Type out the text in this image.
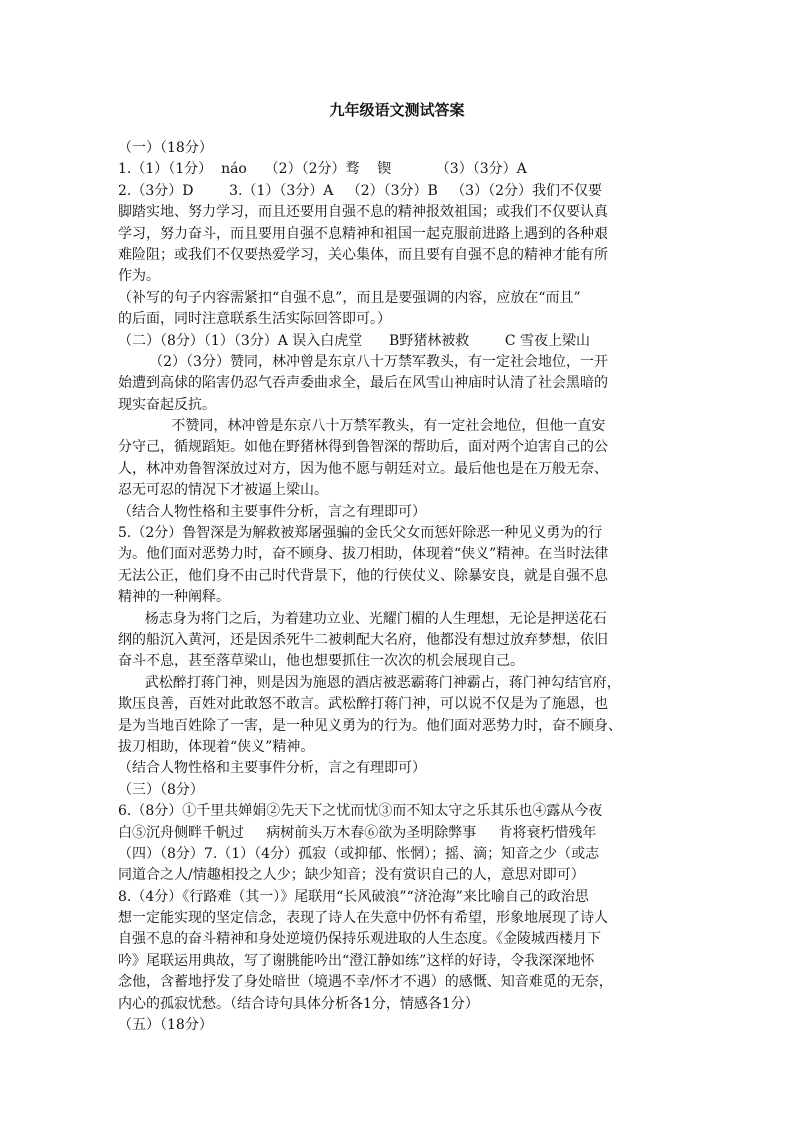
九年级语文测试答案
（一）（18分）
1.（1）（1分）  náo    （2）（2分）骛    锲          （3）（3分）A
2.（3分）D        3.（1）（3分）A   （2）（3分）B   （3）（2分）我们不仅要
脚踏实地、努力学习，而且还要用自强不息的精神报效祖国；或我们不仅要认真
学习，努力奋斗，而且要用自强不息精神和祖国一起克服前进路上遇到的各种艰
难险阻；或我们不仅要热爱学习，关心集体，而且要有自强不息的精神才能有所
作为。
（补写的句子内容需紧扣“自强不息”，而且是要强调的内容，应放在“而且”
的后面，同时注意联系生活实际回答即可。）
（二）（8分）（1）（3分）A 误入白虎堂      B野猪林被救        C 雪夜上梁山
（2）（3分）赞同，林冲曾是东京八十万禁军教头，有一定社会地位，一开
始遭到高俅的陷害仍忍气吞声委曲求全，最后在风雪山神庙时认清了社会黑暗的
现实奋起反抗。
不赞同，林冲曾是东京八十万禁军教头，有一定社会地位，但他一直安
分守己，循规蹈矩。如他在野猪林得到鲁智深的帮助后，面对两个迫害自己的公
人，林冲劝鲁智深放过对方，因为他不愿与朝廷对立。最后他也是在万般无奈、
忍无可忍的情况下才被逼上梁山。
（结合人物性格和主要事件分析，言之有理即可）
5.（2分）鲁智深是为解救被郑屠强骗的金氏父女而惩奸除恶一种见义勇为的行
为。他们面对恶势力时，奋不顾身、拔刀相助，体现着“侠义”精神。在当时法律
无法公正，他们身不由己时代背景下，他的行侠仗义、除暴安良，就是自强不息
精神的一种阐释。
杨志身为将门之后，为着建功立业、光耀门楣的人生理想，无论是押送花石
纲的船沉入黄河，还是因杀死牛二被刺配大名府，他都没有想过放弃梦想，依旧
奋斗不息，甚至落草梁山，他也想要抓住一次次的机会展现自己。
武松醉打蒋门神，则是因为施恩的酒店被恶霸蒋门神霸占，蒋门神勾结官府，
欺压良善，百姓对此敢怒不敢言。武松醉打蒋门神，可以说不仅是为了施恩，也
是为当地百姓除了一害，是一种见义勇为的行为。他们面对恶势力时，奋不顾身、
拔刀相助，体现着“侠义”精神。
（结合人物性格和主要事件分析，言之有理即可）
（三）（8分）
6.（8分）①千里共婵娟②先天下之忧而忧③而不知太守之乐其乐也④露从今夜
白⑤沉舟侧畔千帆过     病树前头万木春⑥欲为圣明除弊事     肯将衰朽惜残年
（四）（8分）7.（1）（4分）孤寂（或抑郁、怅惘）；摇、滴；知音之少（或志
同道合之人/情趣相投之人少；缺少知音；没有赏识自己的人，意思对即可）
8.（4分）《行路难（其一）》尾联用“长风破浪”“济沧海”来比喻自己的政治思
想一定能实现的坚定信念，表现了诗人在失意中仍怀有希望，形象地展现了诗人
自强不息的奋斗精神和身处逆境仍保持乐观进取的人生态度。《金陵城西楼月下
吟》尾联运用典故，写了谢朓能吟出“澄江静如练”这样的好诗，令我深深地怀
念他，含蓄地抒发了身处暗世（境遇不幸/怀才不遇）的感慨、知音难觅的无奈，
内心的孤寂忧愁。（结合诗句具体分析各1分，情感各1分）
（五）（18分）
